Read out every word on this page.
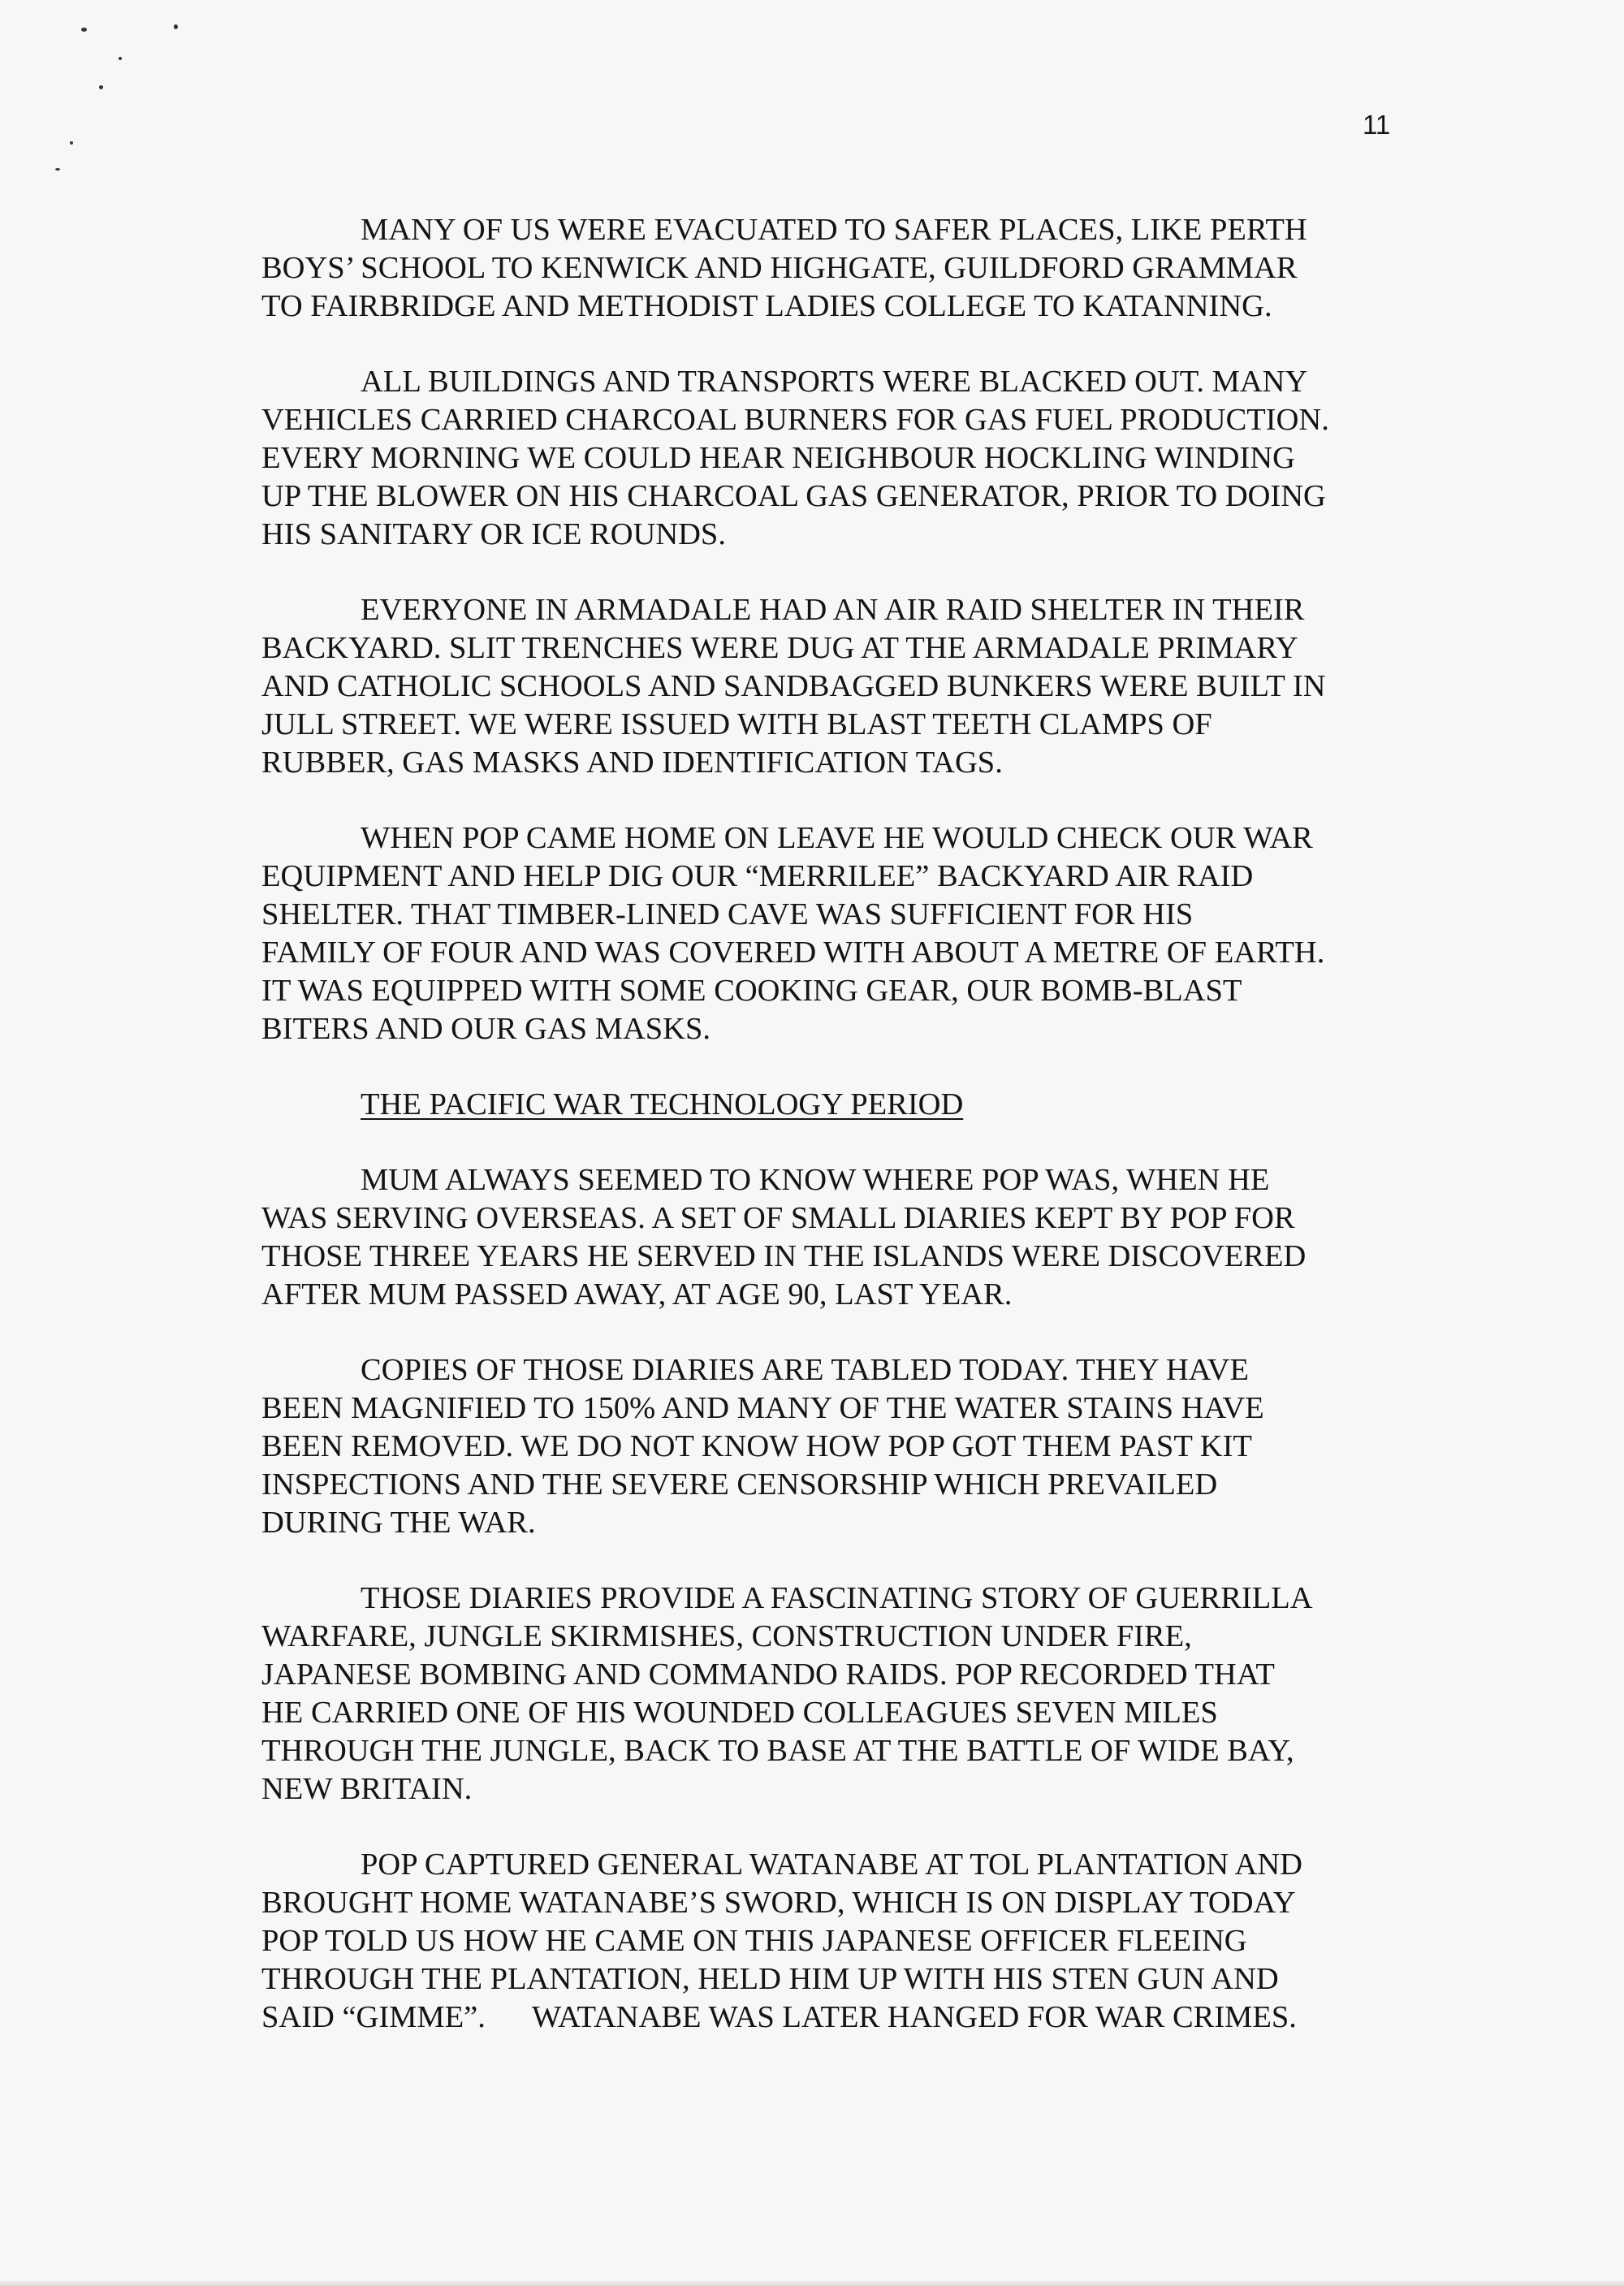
11

MANY OF US WERE EVACUATED TO SAFER PLACES, LIKE PERTH
BOYS’ SCHOOL TO KENWICK AND HIGHGATE, GUILDFORD GRAMMAR
TO FAIRBRIDGE AND METHODIST LADIES COLLEGE TO KATANNING.

ALL BUILDINGS AND TRANSPORTS WERE BLACKED OUT. MANY
VEHICLES CARRIED CHARCOAL BURNERS FOR GAS FUEL PRODUCTION.
EVERY MORNING WE COULD HEAR NEIGHBOUR HOCKLING WINDING
UP THE BLOWER ON HIS CHARCOAL GAS GENERATOR, PRIOR TO DOING
HIS SANITARY OR ICE ROUNDS.

EVERYONE IN ARMADALE HAD AN AIR RAID SHELTER IN THEIR
BACKYARD. SLIT TRENCHES WERE DUG AT THE ARMADALE PRIMARY
AND CATHOLIC SCHOOLS AND SANDBAGGED BUNKERS WERE BUILT IN
JULL STREET. WE WERE ISSUED WITH BLAST TEETH CLAMPS OF
RUBBER, GAS MASKS AND IDENTIFICATION TAGS.

WHEN POP CAME HOME ON LEAVE HE WOULD CHECK OUR WAR
EQUIPMENT AND HELP DIG OUR “MERRILEE” BACKYARD AIR RAID
SHELTER. THAT TIMBER-LINED CAVE WAS SUFFICIENT FOR HIS
FAMILY OF FOUR AND WAS COVERED WITH ABOUT A METRE OF EARTH.
IT WAS EQUIPPED WITH SOME COOKING GEAR, OUR BOMB-BLAST
BITERS AND OUR GAS MASKS.

THE PACIFIC WAR TECHNOLOGY PERIOD

MUM ALWAYS SEEMED TO KNOW WHERE POP WAS, WHEN HE
WAS SERVING OVERSEAS. A SET OF SMALL DIARIES KEPT BY POP FOR
THOSE THREE YEARS HE SERVED IN THE ISLANDS WERE DISCOVERED
AFTER MUM PASSED AWAY, AT AGE 90, LAST YEAR.

COPIES OF THOSE DIARIES ARE TABLED TODAY. THEY HAVE
BEEN MAGNIFIED TO 150% AND MANY OF THE WATER STAINS HAVE
BEEN REMOVED. WE DO NOT KNOW HOW POP GOT THEM PAST KIT
INSPECTIONS AND THE SEVERE CENSORSHIP WHICH PREVAILED
DURING THE WAR.

THOSE DIARIES PROVIDE A FASCINATING STORY OF GUERRILLA
WARFARE, JUNGLE SKIRMISHES, CONSTRUCTION UNDER FIRE,
JAPANESE BOMBING AND COMMANDO RAIDS. POP RECORDED THAT
HE CARRIED ONE OF HIS WOUNDED COLLEAGUES SEVEN MILES
THROUGH THE JUNGLE, BACK TO BASE AT THE BATTLE OF WIDE BAY,
NEW BRITAIN.

POP CAPTURED GENERAL WATANABE AT TOL PLANTATION AND
BROUGHT HOME WATANABE’S SWORD, WHICH IS ON DISPLAY TODAY
POP TOLD US HOW HE CAME ON THIS JAPANESE OFFICER FLEEING
THROUGH THE PLANTATION, HELD HIM UP WITH HIS STEN GUN AND
SAID “GIMME”.      WATANABE WAS LATER HANGED FOR WAR CRIMES.
